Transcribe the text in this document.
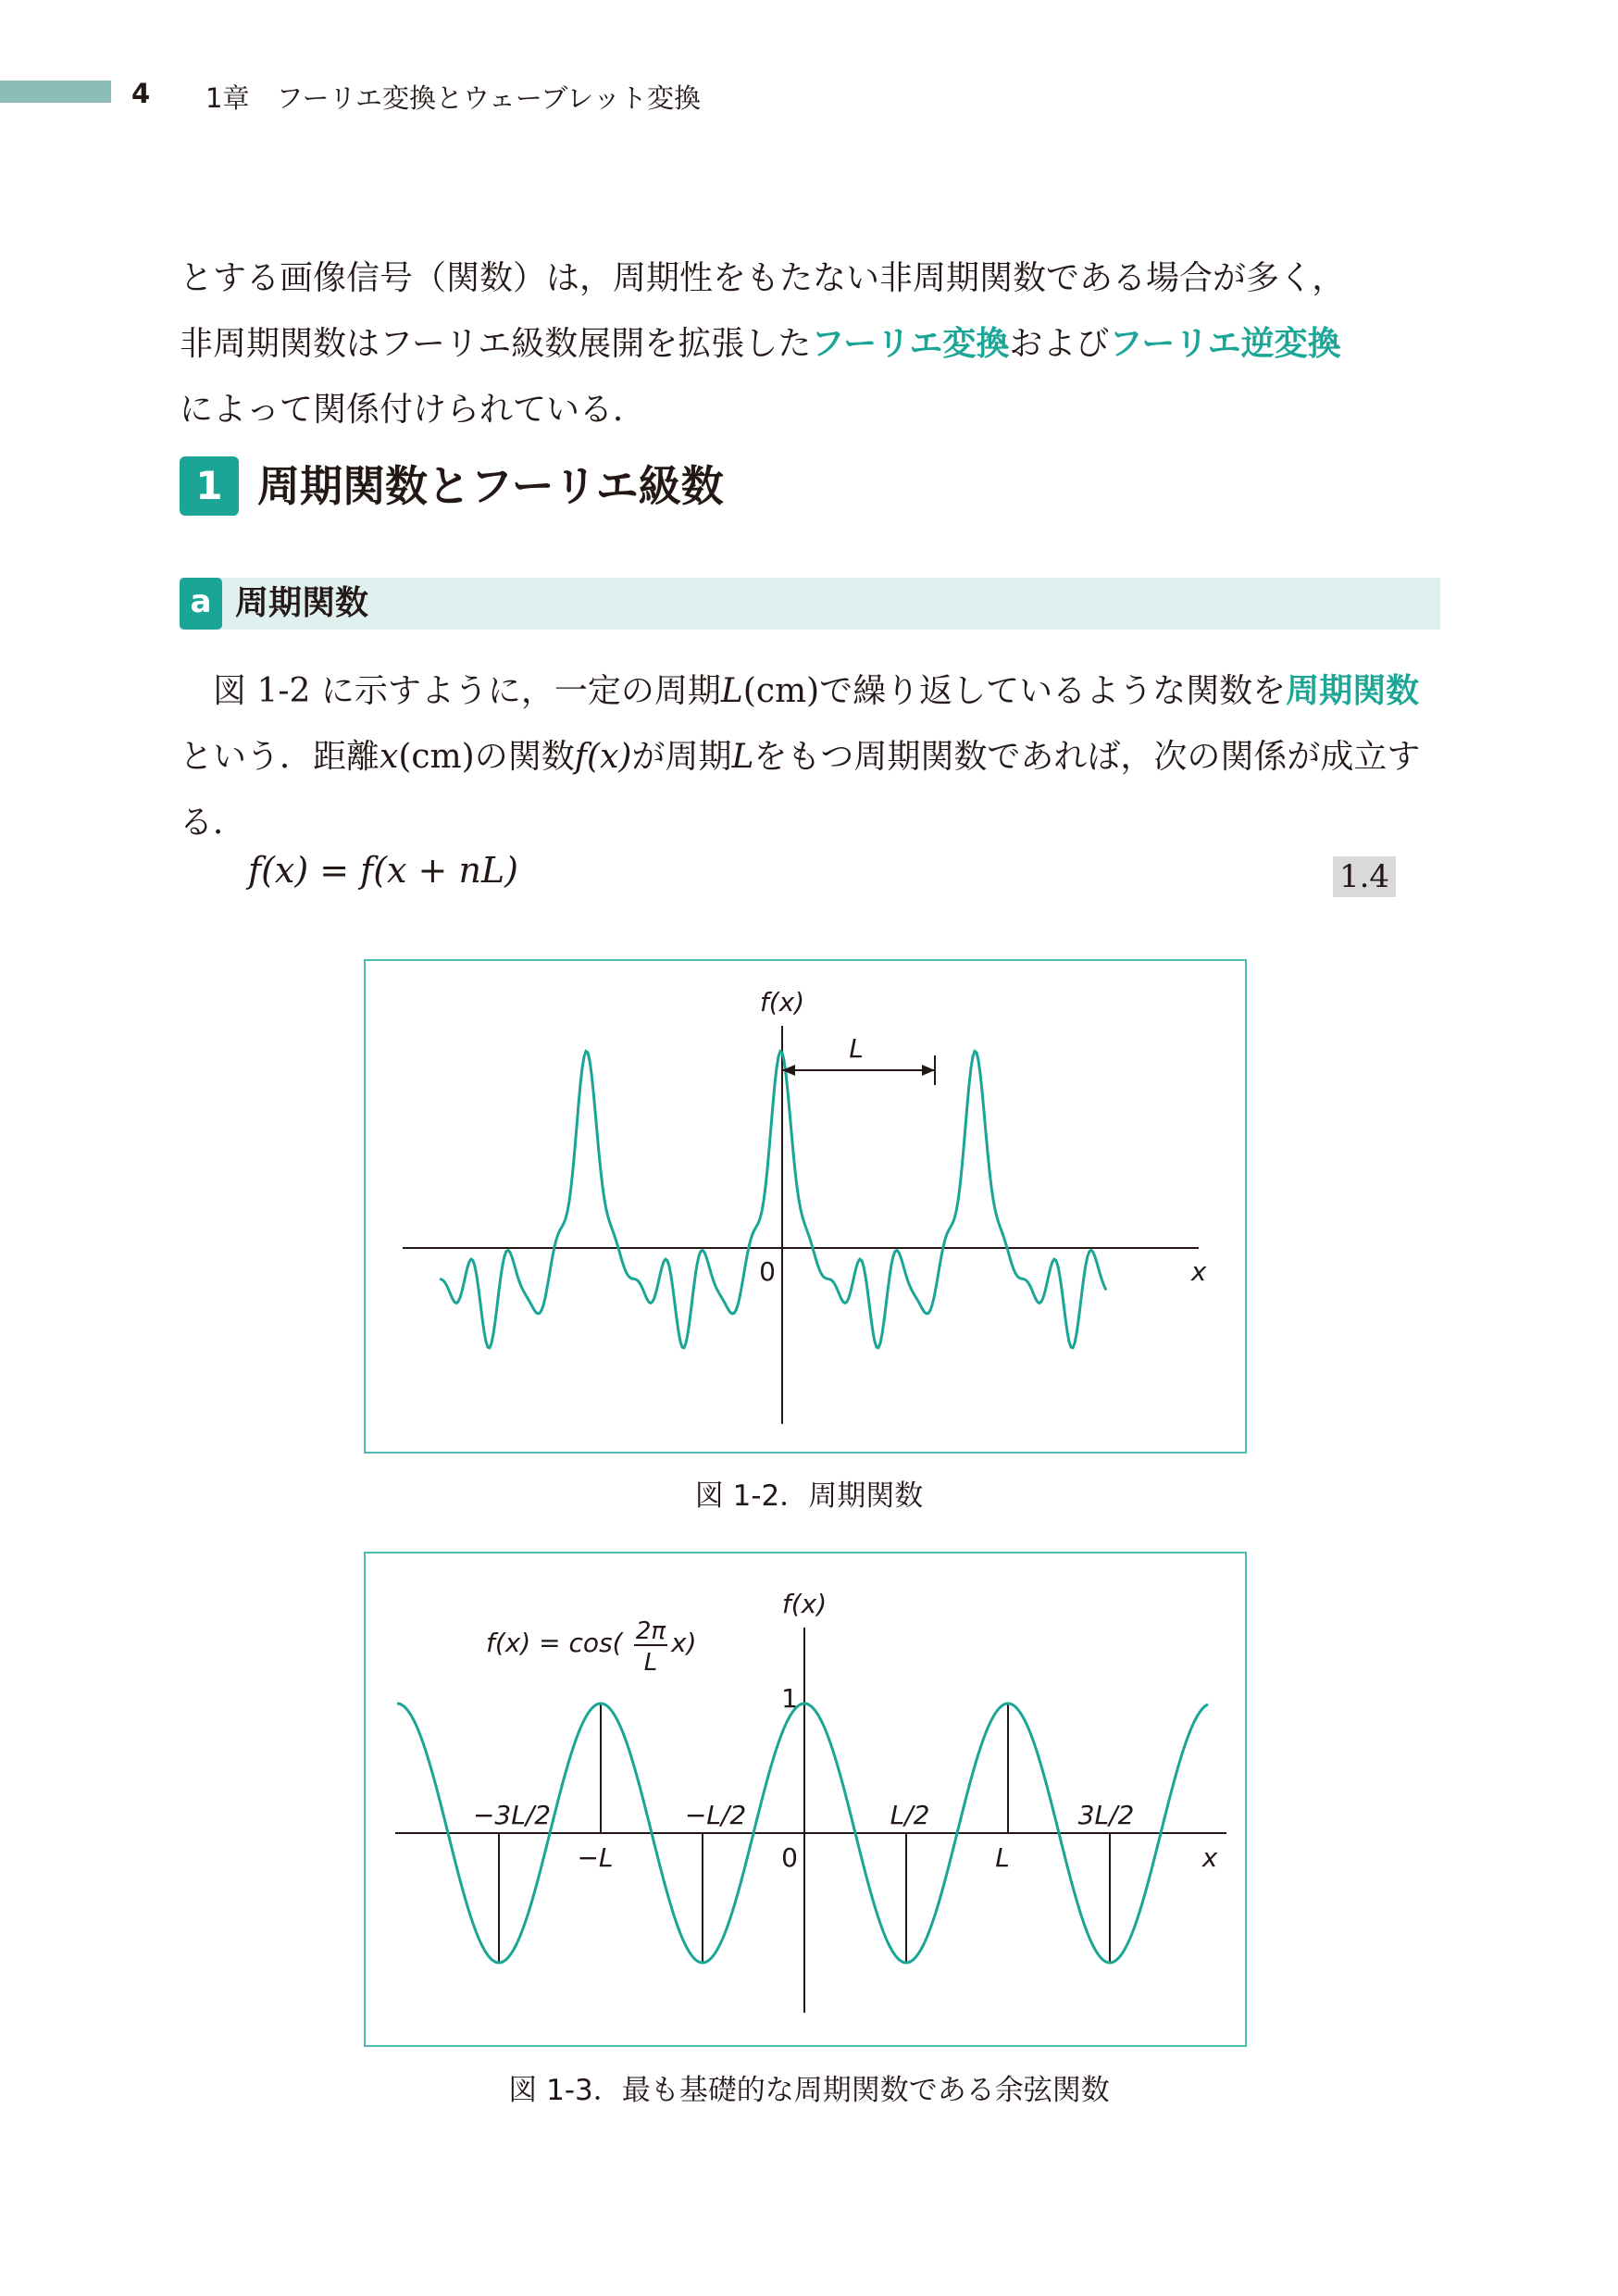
4 1章　フーリエ変換とウェーブレット変換

とする画像信号（関数）は，周期性をもたない非周期関数である場合が多く，
非周期関数はフーリエ級数展開を拡張したフーリエ変換およびフーリエ逆変換
によって関係付けられている．

1 周期関数とフーリエ級数
a 周期関数

図 1-2 に示すように，一定の周期L(cm)で繰り返しているような関数を周期関数という．距離x(cm)の関数f(x)が周期Lをもつ周期関数であれば，次の関係が成立する．

f(x) = f(x + nL)	1.4
L
f(x)
0	x
図 1-2．周期関数
f(x)
1
0	x
−3L/2	−L/2	L/2	3L/2
−L	L
f(x) = cos( 2π
L
x)
図 1-3．最も基礎的な周期関数である余弦関数
